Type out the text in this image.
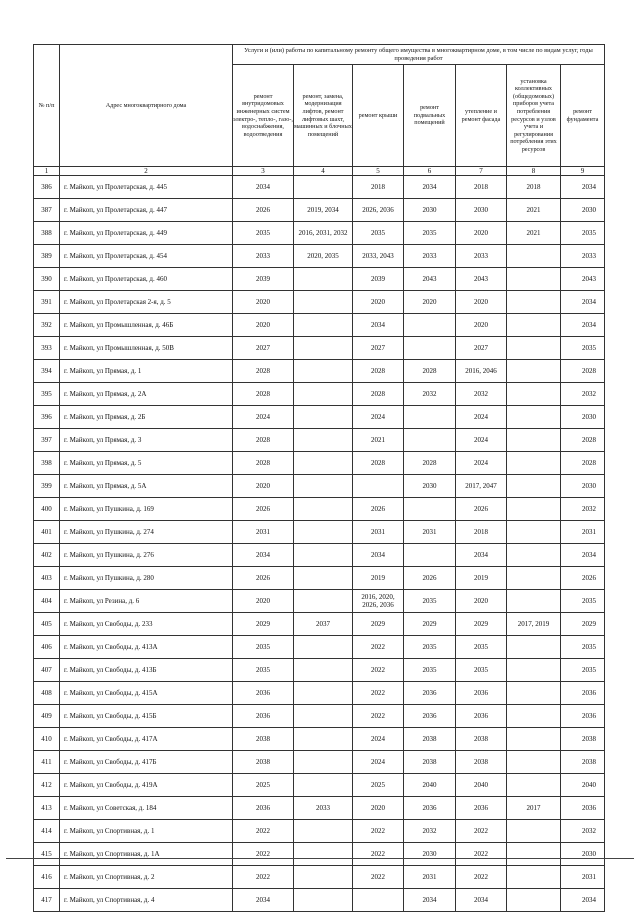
№ п/п	Адрес многоквартирного дома	Услуги и (или) работы по капитальному ремонту общего имущества в многоквартирном доме, в том числе по видам услуг, годы проведения работ						
		ремонт внутридомовых инженерных систем электро-, тепло-, газо-, водоснабжения, водоотведения	ремонт, замена, модернизация лифтов, ремонт лифтовых шахт, машинных и блочных помещений	ремонт крыши	ремонт подвальных помещений	утепление и ремонт фасада	установка коллективных (общедомовых) приборов учета потребления ресурсов и узлов учета и регулирования потребления этих ресурсов	ремонт фундамента
1	2	3	4	5	6	7	8	9
386	г. Майкоп, ул Пролетарская, д. 445	2034		2018	2034	2018	2018	2034
387	г. Майкоп, ул Пролетарская, д. 447	2026	2019, 2034	2026, 2036	2030	2030	2021	2030
388	г. Майкоп, ул Пролетарская, д. 449	2035	2016, 2031, 2032	2035	2035	2020	2021	2035
389	г. Майкоп, ул Пролетарская, д. 454	2033	2020, 2035	2033, 2043	2033	2033		2033
390	г. Майкоп, ул Пролетарская, д. 460	2039		2039	2043	2043		2043
391	г. Майкоп, ул Пролетарская 2-я, д. 5	2020		2020	2020	2020		2034
392	г. Майкоп, ул Промышленная, д. 46Б	2020		2034		2020		2034
393	г. Майкоп, ул Промышленная, д. 50В	2027		2027		2027		2035
394	г. Майкоп, ул Прямая, д. 1	2028		2028	2028	2016, 2046		2028
395	г. Майкоп, ул Прямая, д. 2А	2028		2028	2032	2032		2032
396	г. Майкоп, ул Прямая, д. 2Б	2024		2024		2024		2030
397	г. Майкоп, ул Прямая, д. 3	2028		2021		2024		2028
398	г. Майкоп, ул Прямая, д. 5	2028		2028	2028	2024		2028
399	г. Майкоп, ул Прямая, д. 5А	2020			2030	2017, 2047		2030
400	г. Майкоп, ул Пушкина, д. 169	2026		2026		2026		2032
401	г. Майкоп, ул Пушкина, д. 274	2031		2031	2031	2018		2031
402	г. Майкоп, ул Пушкина, д. 276	2034		2034		2034		2034
403	г. Майкоп, ул Пушкина, д. 280	2026		2019	2026	2019		2026
404	г. Майкоп, ул Резина, д. 6	2020		2016, 2020, 2026, 2036	2035	2020		2035
405	г. Майкоп, ул Свободы, д. 233	2029	2037	2029	2029	2029	2017, 2019	2029
406	г. Майкоп, ул Свободы, д. 413А	2035		2022	2035	2035		2035
407	г. Майкоп, ул Свободы, д. 413Б	2035		2022	2035	2035		2035
408	г. Майкоп, ул Свободы, д. 415А	2036		2022	2036	2036		2036
409	г. Майкоп, ул Свободы, д. 415Б	2036		2022	2036	2036		2036
410	г. Майкоп, ул Свободы, д. 417А	2038		2024	2038	2038		2038
411	г. Майкоп, ул Свободы, д. 417Б	2038		2024	2038	2038		2038
412	г. Майкоп, ул Свободы, д. 419А	2025		2025	2040	2040		2040
413	г. Майкоп, ул Советская, д. 184	2036	2033	2020	2036	2036	2017	2036
414	г. Майкоп, ул Спортивная, д. 1	2022		2022	2032	2022		2032
415	г. Майкоп, ул Спортивная, д. 1А	2022		2022	2030	2022		2030
416	г. Майкоп, ул Спортивная, д. 2	2022		2022	2031	2022		2031
417	г. Майкоп, ул Спортивная, д. 4	2034			2034	2034		2034
